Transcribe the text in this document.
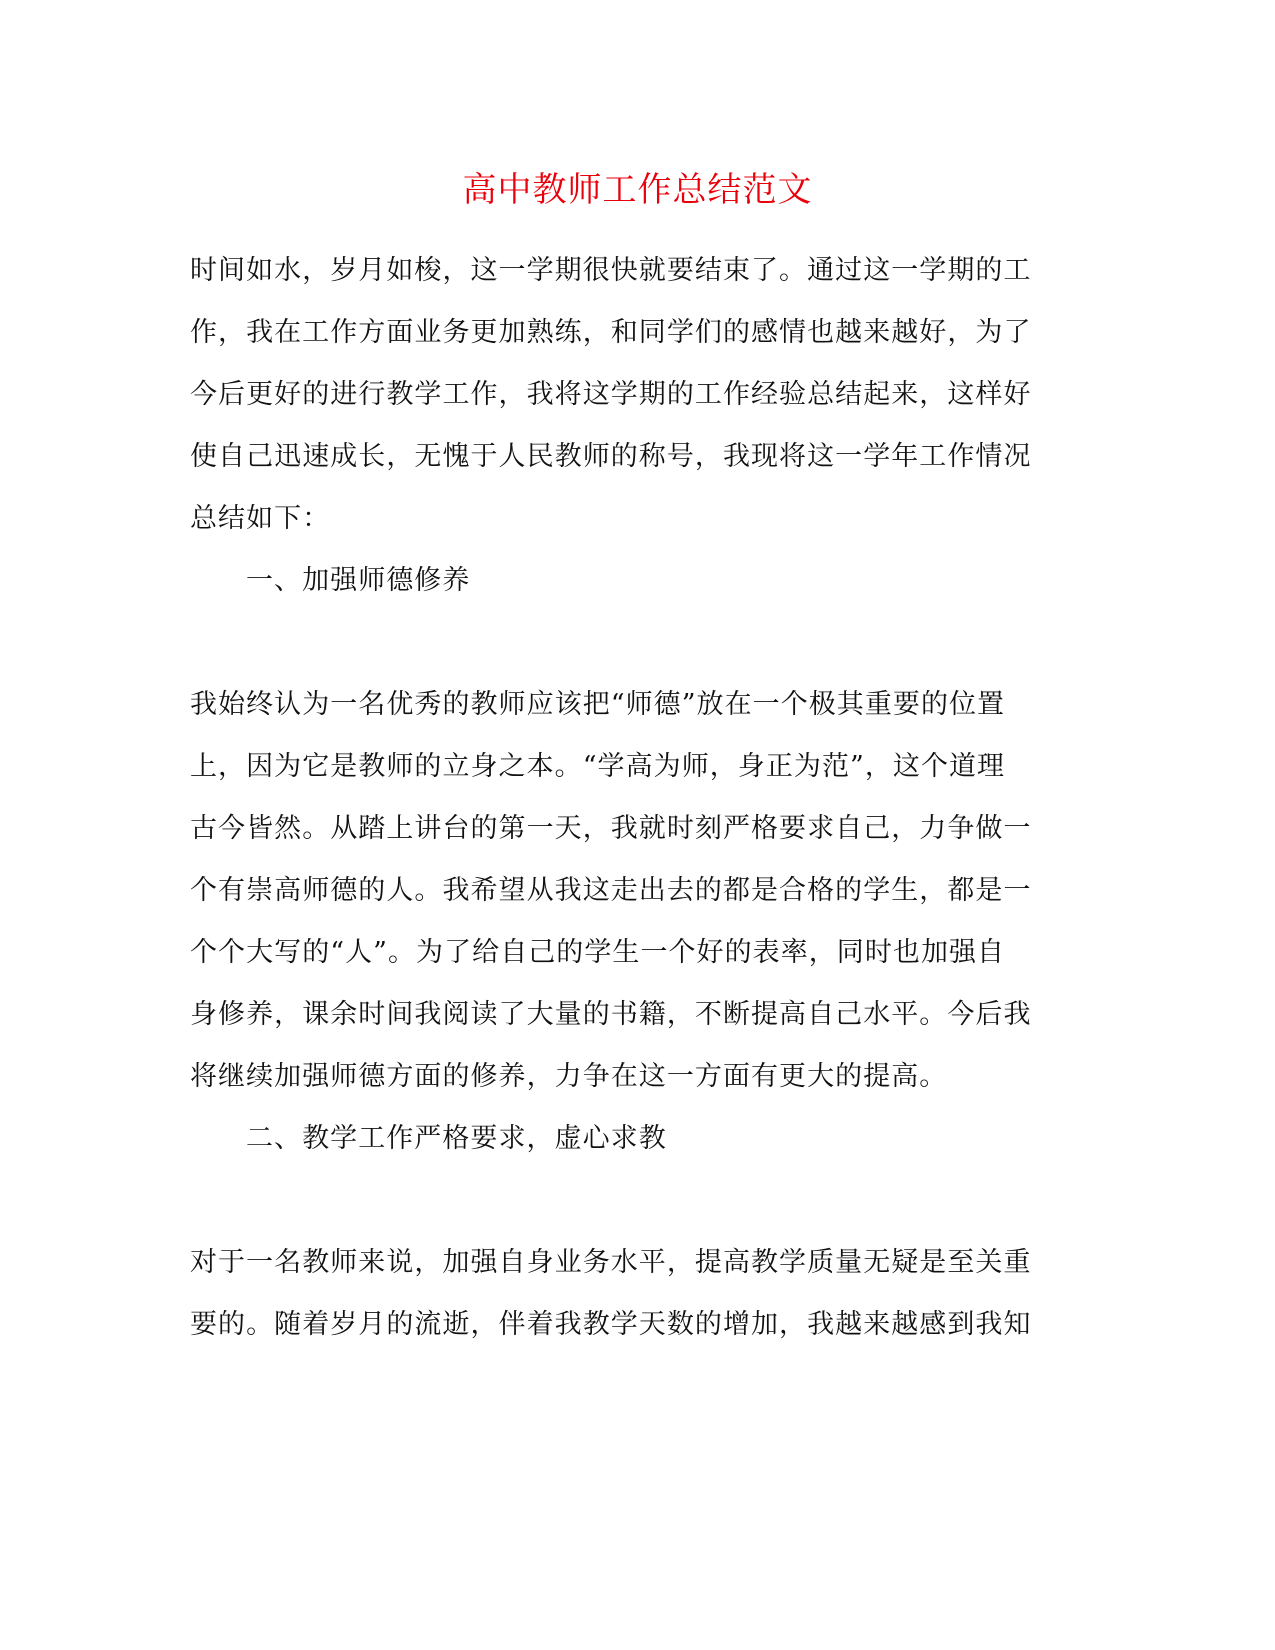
高中教师工作总结范文
时间如水，岁月如梭，这一学期很快就要结束了。通过这一学期的工
作，我在工作方面业务更加熟练，和同学们的感情也越来越好，为了
今后更好的进行教学工作，我将这学期的工作经验总结起来，这样好
使自己迅速成长，无愧于人民教师的称号，我现将这一学年工作情况
总结如下：
一、加强师德修养
我始终认为一名优秀的教师应该把“师德”放在一个极其重要的位置
上，因为它是教师的立身之本。“学高为师，身正为范”，这个道理
古今皆然。从踏上讲台的第一天，我就时刻严格要求自己，力争做一
个有崇高师德的人。我希望从我这走出去的都是合格的学生，都是一
个个大写的“人”。为了给自己的学生一个好的表率，同时也加强自
身修养，课余时间我阅读了大量的书籍，不断提高自己水平。今后我
将继续加强师德方面的修养，力争在这一方面有更大的提高。
二、教学工作严格要求，虚心求教
对于一名教师来说，加强自身业务水平，提高教学质量无疑是至关重
要的。随着岁月的流逝，伴着我教学天数的增加，我越来越感到我知
